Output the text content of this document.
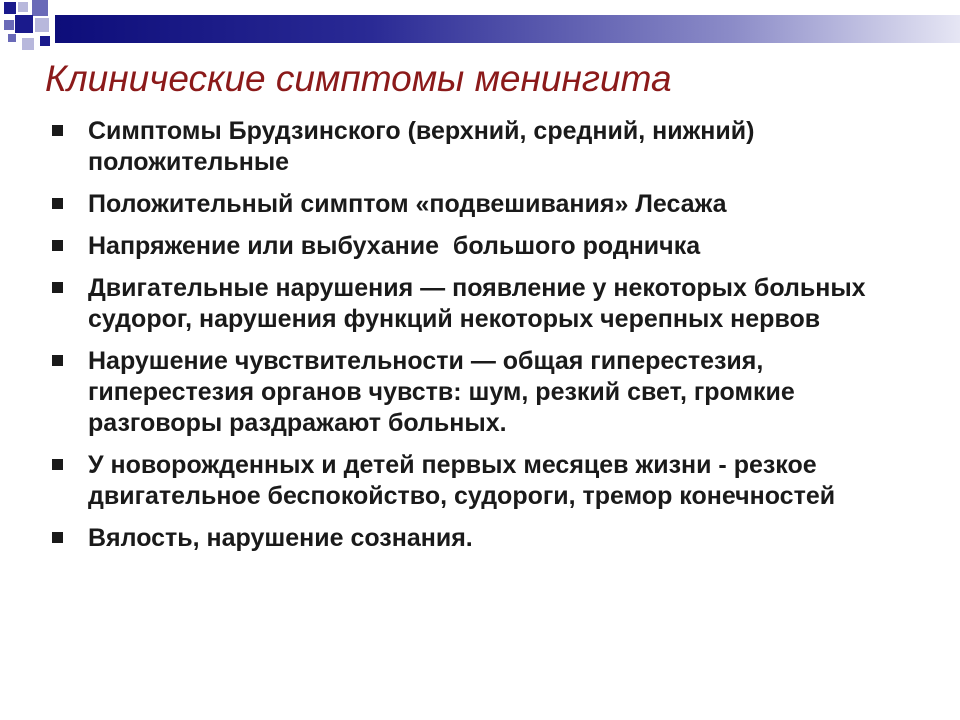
Клинические симптомы менингита
Симптомы Брудзинского (верхний, средний, нижний) положительные
Положительный симптом «подвешивания» Лесажа
Напряжение или выбухание  большого родничка
Двигательные нарушения — появление у некоторых больных судорог, нарушения функций некоторых черепных нервов
Нарушение чувствительности — общая гиперестезия, гиперестезия органов чувств: шум, резкий свет, громкие разговоры раздражают больных.
У новорожденных и детей первых месяцев жизни - резкое двигательное беспокойство, судороги, тремор конечностей
Вялость, нарушение сознания.
